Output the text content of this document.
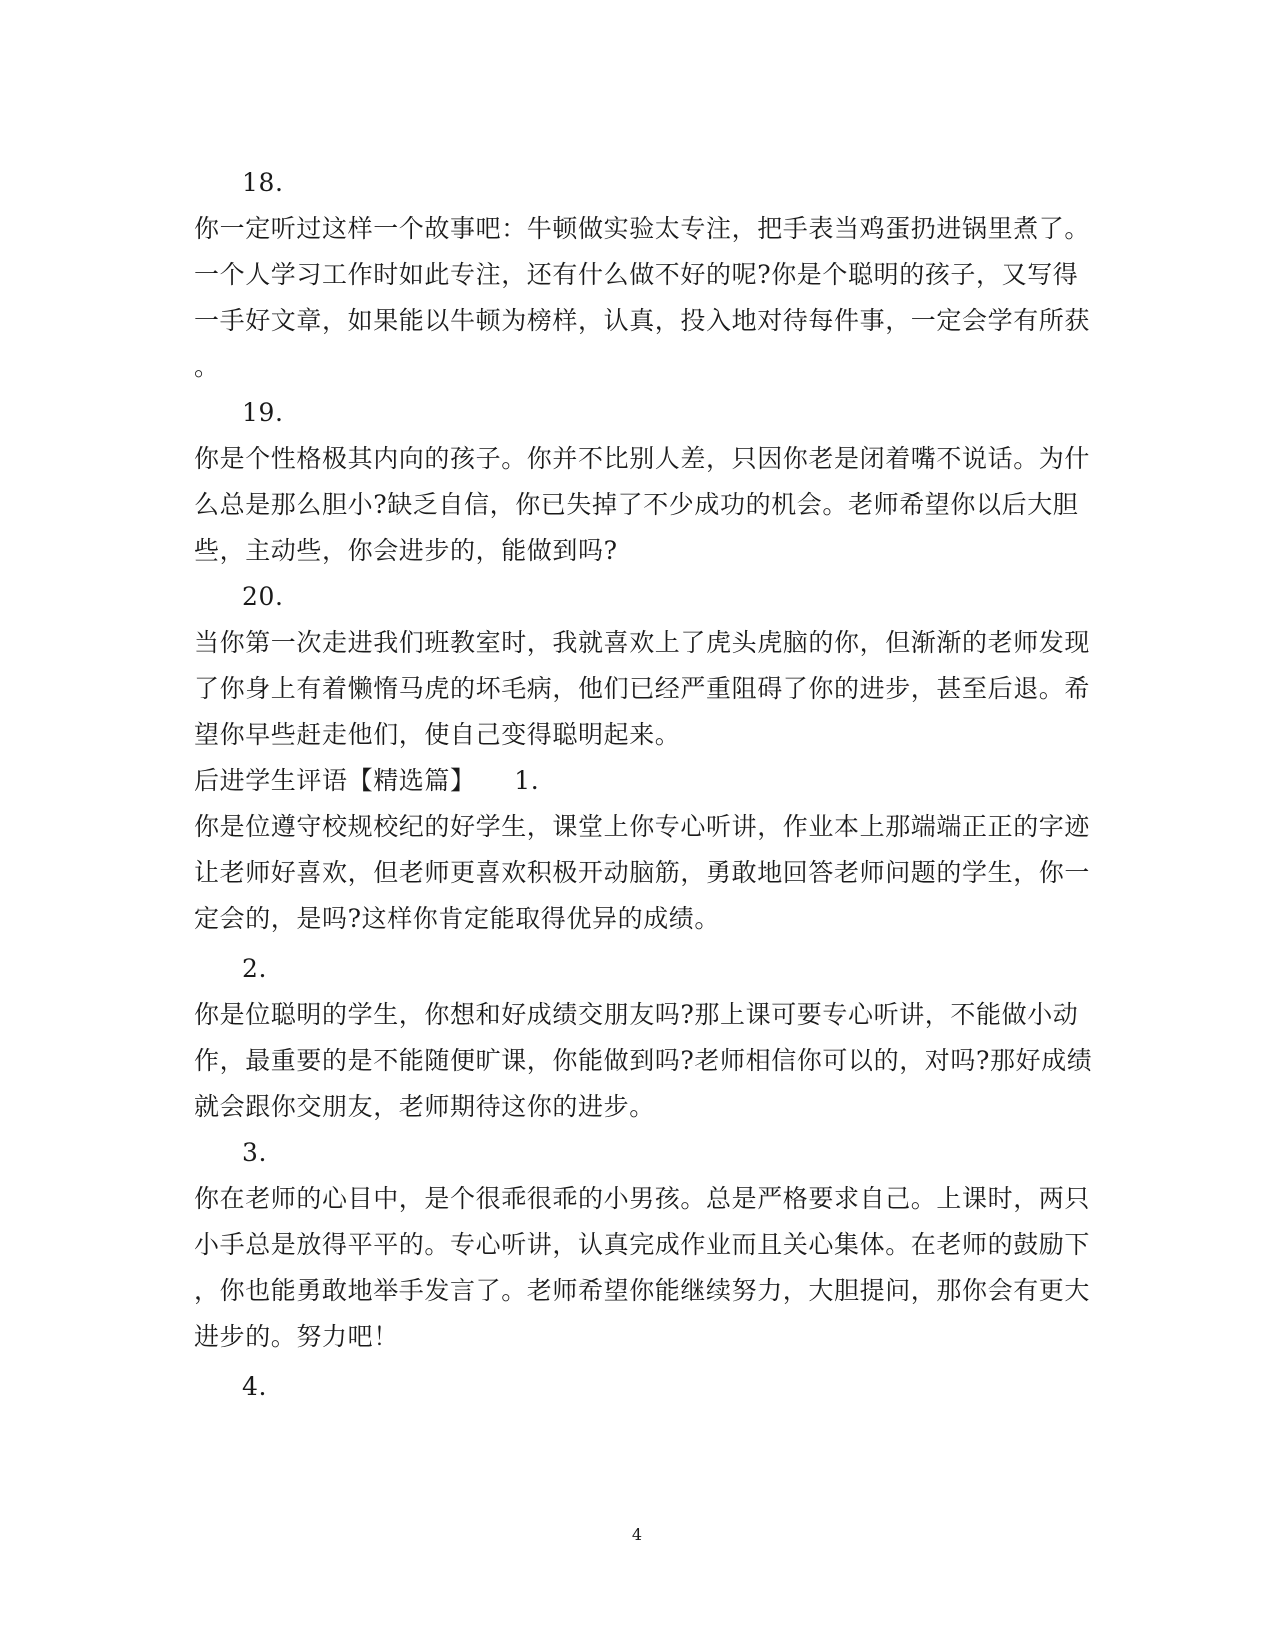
18.
你一定听过这样一个故事吧：牛顿做实验太专注，把手表当鸡蛋扔进锅里煮了。
一个人学习工作时如此专注，还有什么做不好的呢?你是个聪明的孩子，又写得
一手好文章，如果能以牛顿为榜样，认真，投入地对待每件事，一定会学有所获
。
19.
你是个性格极其内向的孩子。你并不比别人差，只因你老是闭着嘴不说话。为什
么总是那么胆小?缺乏自信，你已失掉了不少成功的机会。老师希望你以后大胆
些，主动些，你会进步的，能做到吗?
20.
当你第一次走进我们班教室时，我就喜欢上了虎头虎脑的你，但渐渐的老师发现
了你身上有着懒惰马虎的坏毛病，他们已经严重阻碍了你的进步，甚至后退。希
望你早些赶走他们，使自己变得聪明起来。
后进学生评语【精选篇】　　1.
你是位遵守校规校纪的好学生，课堂上你专心听讲，作业本上那端端正正的字迹
让老师好喜欢，但老师更喜欢积极开动脑筋，勇敢地回答老师问题的学生，你一
定会的，是吗?这样你肯定能取得优异的成绩。
2.
你是位聪明的学生，你想和好成绩交朋友吗?那上课可要专心听讲，不能做小动
作，最重要的是不能随便旷课，你能做到吗?老师相信你可以的，对吗?那好成绩
就会跟你交朋友，老师期待这你的进步。
3.
你在老师的心目中，是个很乖很乖的小男孩。总是严格要求自己。上课时，两只
小手总是放得平平的。专心听讲，认真完成作业而且关心集体。在老师的鼓励下
，你也能勇敢地举手发言了。老师希望你能继续努力，大胆提问，那你会有更大
进步的。努力吧！
4.
4
